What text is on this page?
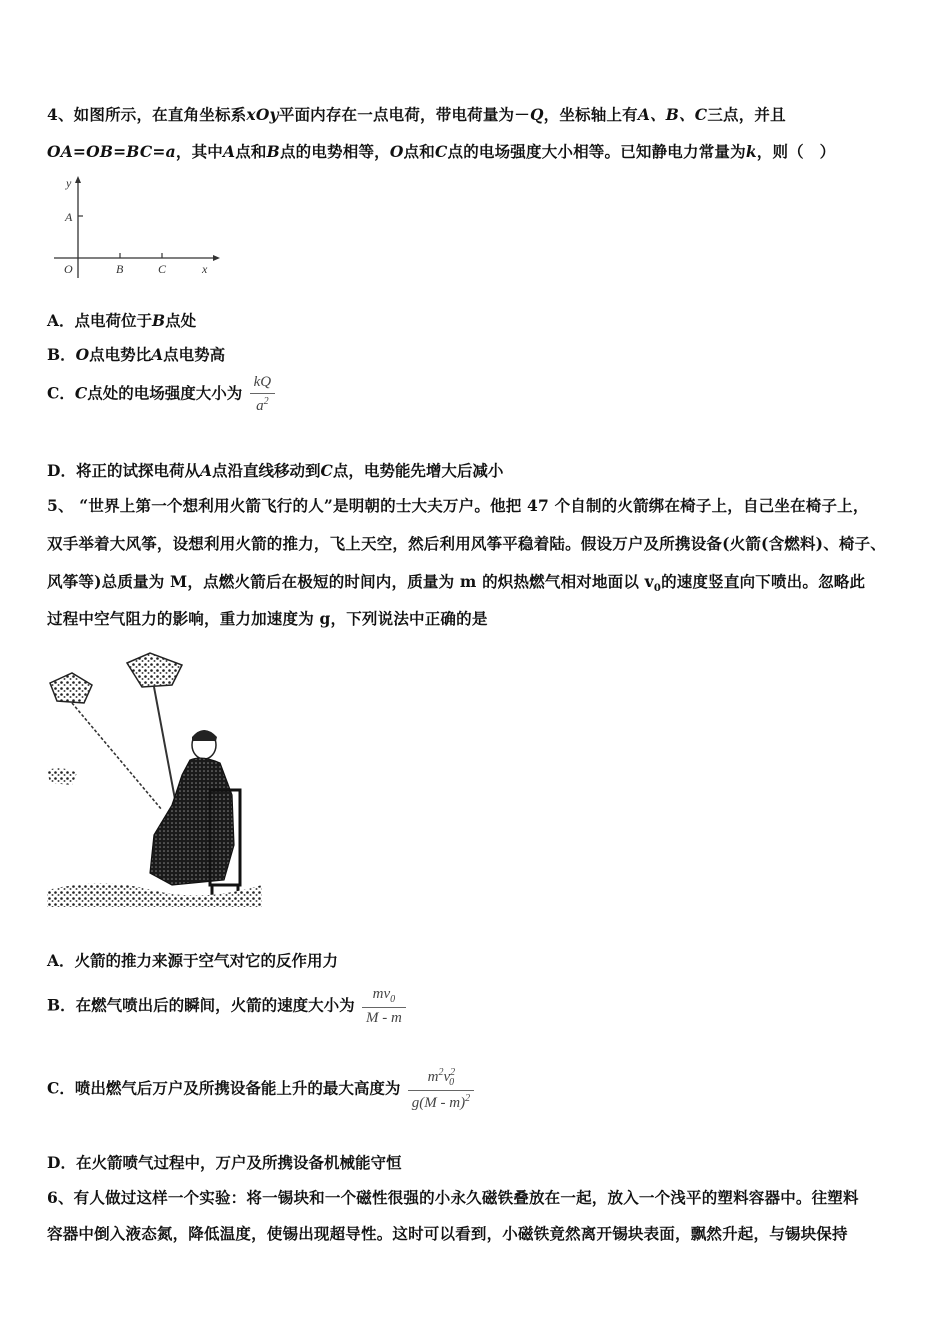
4、如图所示，在直角坐标系xOy平面内存在一点电荷，带电荷量为－Q，坐标轴上有A、B、C三点，并且
OA=OB=BC=a，其中A点和B点的电势相等，O点和C点的电场强度大小相等。已知静电力常量为k，则（　）
y
A
O	B	C	x
A．点电荷位于B点处
B．O点电势比A点电势高
C．C点处的电场强度大小为 $\frac{kQ}{a^2}$
D．将正的试探电荷从A点沿直线移动到C点，电势能先增大后减小
5、 “世界上第一个想利用火箭飞行的人”是明朝的士大夫万户。他把 47 个自制的火箭绑在椅子上，自己坐在椅子上，
双手举着大风筝，设想利用火箭的推力，飞上天空，然后利用风筝平稳着陆。假设万户及所携设备(火箭(含燃料)、椅子、
风筝等)总质量为 M，点燃火箭后在极短的时间内，质量为 m 的炽热燃气相对地面以 $v_0$的速度竖直向下喷出。忽略此
过程中空气阻力的影响，重力加速度为 g，下列说法中正确的是
A．火箭的推力来源于空气对它的反作用力
B．在燃气喷出后的瞬间，火箭的速度大小为 $\frac{mv_0}{M - m}$
C．喷出燃气后万户及所携设备能上升的最大高度为 $\frac{m^2v^2_0}{g(M - m)^2}$
D．在火箭喷气过程中，万户及所携设备机械能守恒
6、有人做过这样一个实验：将一锡块和一个磁性很强的小永久磁铁叠放在一起，放入一个浅平的塑料容器中。往塑料
容器中倒入液态氮，降低温度，使锡出现超导性。这时可以看到，小磁铁竟然离开锡块表面，飘然升起，与锡块保持
